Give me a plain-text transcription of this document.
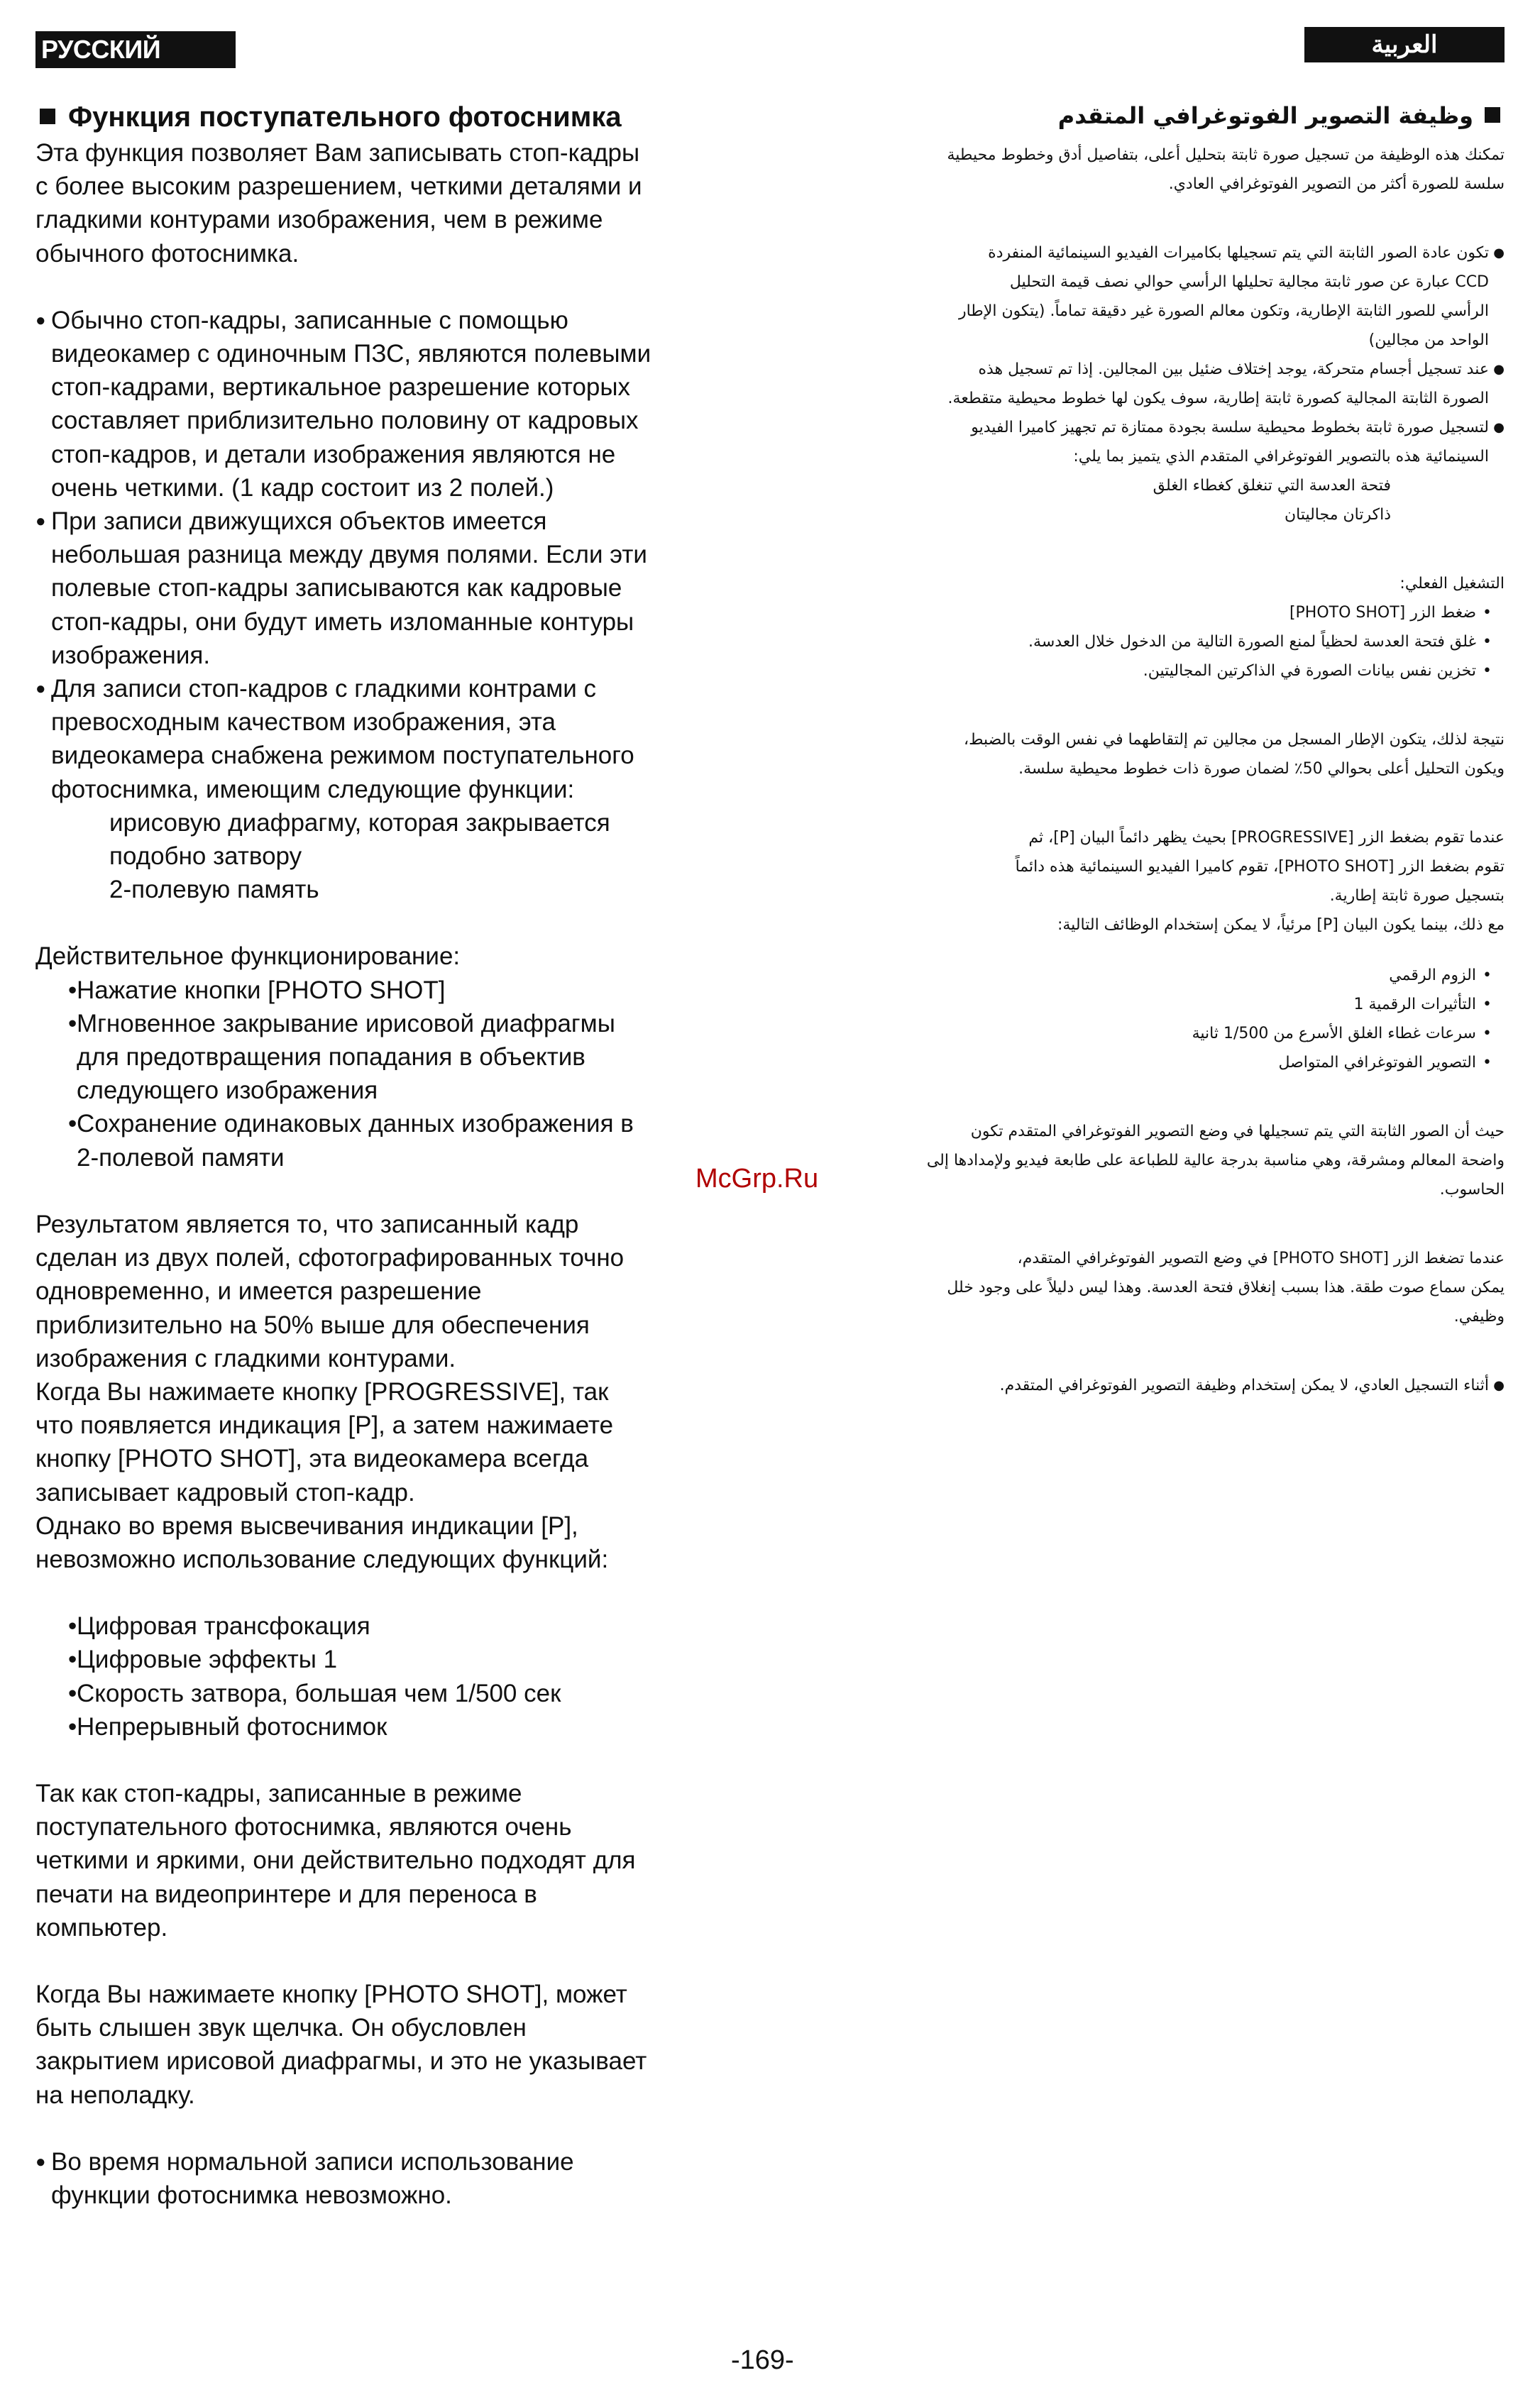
РУССКИЙ ЯЗЫК
العربية
Функция поступательного фотоснимка

Эта функция позволяет Вам записывать стоп-кадры

с более высоким разрешением, четкими деталями и

гладкими контурами изображения, чем в режиме

обычного фотоснимка.

● Обычно стоп-кадры, записанные с помощью

видеокамер с одиночным ПЗС, являются полевыми

стоп-кадрами, вертикальное разрешение которых

составляет приблизительно половину от кадровых

стоп-кадров, и детали изображения являются не

очень четкими. (1 кадр состоит из 2 полей.)

● При записи движущихся объектов имеется

небольшая разница между двумя полями. Если эти

полевые стоп-кадры записываются как кадровые

стоп-кадры, они будут иметь изломанные контуры

изображения.

● Для записи стоп-кадров с гладкими контрами с

превосходным качеством изображения, эта

видеокамера снабжена режимом поступательного

фотоснимка, имеющим следующие функции:

ирисовую диафрагму, которая закрывается

подобно затвору

2-полевую память

Действительное функционирование:

• Нажатие кнопки [PHOTO SHOT]

• Мгновенное закрывание ирисовой диафрагмы

для предотвращения попадания в объектив

следующего изображения

• Сохранение одинаковых данных изображения в

2-полевой памяти

Результатом является то, что записанный кадр

сделан из двух полей, сфотографированных точно

одновременно, и имеется разрешение

приблизительно на 50% выше для обеспечения

изображения с гладкими контурами.

Когда Вы нажимаете кнопку [PROGRESSIVE], так

что появляется индикация [P], а затем нажимаете

кнопку [PHOTO SHOT], эта видеокамера всегда

записывает кадровый стоп-кадр.

Однако во время высвечивания индикации [P],

невозможно использование следующих функций:

• Цифровая трансфокация

• Цифровые эффекты 1

• Скорость затвора, большая чем 1/500 сек

• Непрерывный фотоснимок

Так как стоп-кадры, записанные в режиме

поступательного фотоснимка, являются очень

четкими и яркими, они действительно подходят для

печати на видеопринтере и для переноса в

компьютер.

Когда Вы нажимаете кнопку [PHOTO SHOT], может

быть слышен звук щелчка. Он обусловлен

закрытием ирисовой диафрагмы, и это не указывает

на неполадку.

● Во время нормальной записи использование

функции фотоснимка невозможно.

وظيفة التصوير الفوتوغرافي المتقدم

تمكنك هذه الوظيفة من تسجيل صورة ثابتة بتحليل أعلى، بتفاصيل أدق وخطوط محيطية

سلسة للصورة أكثر من التصوير الفوتوغرافي العادي.

● تكون عادة الصور الثابتة التي يتم تسجيلها بكاميرات الفيديو السينمائية المنفردة

CCD عبارة عن صور ثابتة مجالية تحليلها الرأسي حوالي نصف قيمة التحليل

الرأسي للصور الثابتة الإطارية، وتكون معالم الصورة غير دقيقة تماماً. (يتكون الإطار

الواحد من مجالين)

● عند تسجيل أجسام متحركة، يوجد إختلاف ضئيل بين المجالين. إذا تم تسجيل هذه

الصورة الثابتة المجالية كصورة ثابتة إطارية، سوف يكون لها خطوط محيطية متقطعة.

● لتسجيل صورة ثابتة بخطوط محيطية سلسة بجودة ممتازة تم تجهيز كاميرا الفيديو

السينمائية هذه بالتصوير الفوتوغرافي المتقدم الذي يتميز بما يلي:

فتحة العدسة التي تنغلق كغطاء الغلق

ذاكرتان مجاليتان

التشغيل الفعلي:

• ضغط الزر [PHOTO SHOT]

• غلق فتحة العدسة لحظياً لمنع الصورة التالية من الدخول خلال العدسة.

• تخزين نفس بيانات الصورة في الذاكرتين المجاليتين.

نتيجة لذلك، يتكون الإطار المسجل من مجالين تم إلتقاطهما في نفس الوقت بالضبط،

ويكون التحليل أعلى بحوالي 50٪ لضمان صورة ذات خطوط محيطية سلسة.

عندما تقوم بضغط الزر [PROGRESSIVE] بحيث يظهر دائماً البيان [P]، ثم

تقوم بضغط الزر [PHOTO SHOT]، تقوم كاميرا الفيديو السينمائية هذه دائماً

بتسجيل صورة ثابتة إطارية.

مع ذلك، بينما يكون البيان [P] مرئياً، لا يمكن إستخدام الوظائف التالية:

• الزوم الرقمي

• التأثيرات الرقمية 1

• سرعات غطاء الغلق الأسرع من 1/500 ثانية

• التصوير الفوتوغرافي المتواصل

حيث أن الصور الثابتة التي يتم تسجيلها في وضع التصوير الفوتوغرافي المتقدم تكون

واضحة المعالم ومشرقة، وهي مناسبة بدرجة عالية للطباعة على طابعة فيديو ولإمدادها إلى

الحاسوب.

عندما تضغط الزر [PHOTO SHOT] في وضع التصوير الفوتوغرافي المتقدم،

يمكن سماع صوت طقة. هذا بسبب إنغلاق فتحة العدسة. وهذا ليس دليلاً على وجود خلل

وظيفي.

● أثناء التسجيل العادي، لا يمكن إستخدام وظيفة التصوير الفوتوغرافي المتقدم.

McGrp.Ru
-169-
